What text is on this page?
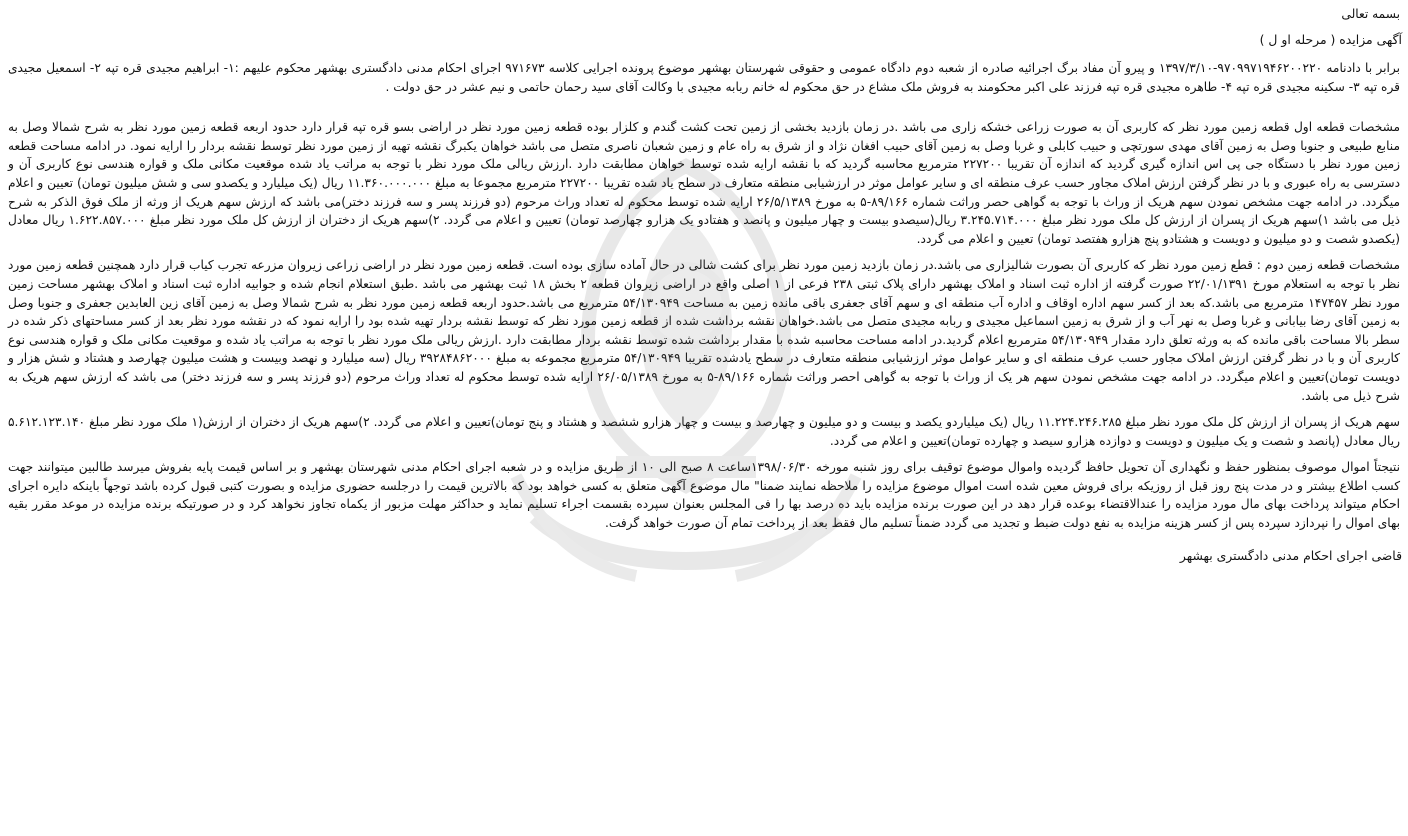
بسمه تعالی

آگهی مزایده ( مرحله او ل )

برابر با دادنامه ۹۷۰۹۹۷۱۹۴۶۲۰۰۲۲۰-۱۳۹۷/۳/۱۰ و پیرو آن مفاد برگ اجرائیه صادره از شعبه دوم دادگاه عمومی و حقوقی شهرستان بهشهر موضوع پرونده اجرایی کلاسه ۹۷۱۶۷۳ اجرای احکام مدنی دادگستری بهشهر محکوم علیهم :۱- ابراهیم مجیدی قره تپه ۲- اسمعیل مجیدی قره تپه ۳- سکینه مجیدی قره تپه ۴- طاهره مجیدی قره تپه فرزند علی اکبر محکومند به فروش ملک مشاع در حق محکوم له خانم ربابه مجیدی با وکالت آقای سید رحمان حاتمی و نیم عشر در حق دولت .

مشخصات قطعه اول قطعه زمین مورد نظر که کاربری آن به صورت زراعی خشکه زاری می باشد .در زمان بازدید بخشی از زمین تحت کشت گندم و کلزار بوده قطعه زمین مورد نظر در اراضی بسو قره تپه قرار دارد حدود اربعه قطعه زمین مورد نظر به شرح شمالا وصل به منابع طبیعی و جنوبا وصل به زمین آقای مهدی سورتچی و حبیب کابلی و غربا وصل به زمین آقای حبیب افغان نژاد و از شرق به راه عام و زمین شعبان ناصری متصل می باشد خواهان یکبرگ نقشه تهیه از زمین مورد نظر توسط نقشه بردار را ارایه نمود. در ادامه مساحت قطعه زمین مورد نظر با دستگاه جی پی اس اندازه گیری گردید که اندازه آن تقریبا ۲۲۷۲۰۰ مترمربع محاسبه گردید که با نقشه ارایه شده توسط خواهان مطابقت دارد .ارزش ریالی ملک مورد نظر با توجه به مراتب یاد شده موقعیت مکانی ملک و قواره هندسی نوع کاربری آن و دسترسی به راه عبوری و با در نظر گرفتن ارزش املاک مجاور حسب عرف منطقه ای و سایر عوامل موثر در ارزشیابی منطقه متعارف در سطح یاد شده تقریبا ۲۲۷۲۰۰ مترمربع مجموعا به مبلغ ۱۱.۳۶۰.۰۰۰.۰۰۰ ریال (یک میلیارد و یکصدو سی و شش میلیون تومان) تعیین و اعلام میگردد. در ادامه جهت مشخص نمودن سهم هریک از وراث با توجه به گواهی حصر وراثت شماره ۸۹/۱۶۶-۵ به مورخ ۲۶/۵/۱۳۸۹ ارایه شده توسط محکوم له تعداد وراث مرحوم (دو فرزند پسر و سه فرزند دختر)می باشد که ارزش سهم هریک از ورثه از ملک فوق الذکر به شرح ذیل می باشد ۱)سهم هریک از پسران از ارزش کل ملک مورد نظر مبلغ ۳.۲۴۵.۷۱۴.۰۰۰ ریال(سیصدو بیست و چهار میلیون و پانصد و هفتادو یک هزارو چهارصد تومان) تعیین و اعلام می گردد. ۲)سهم هریک از دختران از ارزش کل ملک مورد نظر مبلغ ۱.۶۲۲.۸۵۷.۰۰۰ ریال معادل (یکصدو شصت و دو میلیون و دویست و هشتادو پنج هزارو هفتصد تومان) تعیین و اعلام می گردد.

مشخصات قطعه زمین دوم : قطع زمین مورد نظر که کاربری آن بصورت شالیزاری می باشد.در زمان بازدید زمین مورد نظر برای کشت شالی در حال آماده سازی بوده است. قطعه زمین مورد نظر در اراضی زراعی زیروان مزرعه تجرب کیاب قرار دارد همچنین قطعه زمین مورد نظر با توجه به استعلام مورخ ۲۲/۰۱/۱۳۹۱ صورت گرفته از اداره ثبت اسناد و املاک بهشهر دارای پلاک ثبتی ۲۳۸ فرعی از ۱ اصلی واقع در اراضی زیروان قطعه ۲ بخش ۱۸ ثبت بهشهر می باشد .طبق استعلام انجام شده و جوابیه اداره ثبت اسناد و املاک بهشهر مساحت زمین مورد نظر ۱۴۷۴۵۷ مترمربع می باشد.که بعد از کسر سهم اداره اوقاف و اداره آب منطقه ای و سهم آقای جعفری باقی مانده زمین به مساحت ۵۴/۱۳۰۹۴۹ مترمربع می باشد.حدود اربعه قطعه زمین مورد نظر به شرح شمالا وصل به زمین آقای زین العابدین جعفری و جنوبا وصل به زمین آقای رضا بیابانی و غربا وصل به نهر آب و از شرق به زمین اسماعیل مجیدی و ربابه مجیدی متصل می باشد.خواهان نقشه برداشت شده از قطعه زمین مورد نظر که توسط نقشه بردار تهیه شده بود را ارایه نمود که در نقشه مورد نظر بعد از کسر مساحتهای ذکر شده در سطر بالا مساحت باقی مانده که به ورثه تعلق دارد مقدار ۵۴/۱۳۰۹۴۹ مترمربع اعلام گردید.در ادامه مساحت محاسبه شده با مقدار برداشت شده توسط نقشه بردار مطابقت دارد .ارزش ریالی ملک مورد نظر با توجه به مراتب یاد شده و موقعیت مکانی ملک و قواره هندسی نوع کاربری آن و با در نظر گرفتن ارزش املاک مجاور حسب عرف منطقه ای و سایر عوامل موثر ارزشیابی منطقه متعارف در سطح یادشده تقریبا ۵۴/۱۳۰۹۴۹ مترمربع مجموعه به مبلغ ۳۹۲۸۴۸۶۲۰۰۰ ریال (سه میلیارد و نهصد وبیست و هشت میلیون چهارصد و هشتاد و شش هزار و دویست تومان)تعیین و اعلام میگردد. در ادامه جهت مشخص نمودن سهم هر یک از وراث با توجه به گواهی احصر وراثت شماره ۸۹/۱۶۶-۵ به مورخ ۲۶/۰۵/۱۳۸۹ ارایه شده توسط محکوم له تعداد وراث مرحوم (دو فرزند پسر و سه فرزند دختر) می باشد که ارزش سهم هریک به شرح ذیل می باشد.

سهم هریک از پسران از ارزش کل ملک مورد نظر مبلغ ۱۱.۲۲۴.۲۴۶.۲۸۵ ریال (یک میلیاردو یکصد و بیست و دو میلیون و چهارصد و بیست و چهار هزارو ششصد و هشتاد و پنج تومان)تعیین و اعلام می گردد. ۲)سهم هریک از دختران از ارزش(۱ ملک مورد نظر مبلغ ۵.۶۱۲.۱۲۳.۱۴۰ ریال معادل (پانصد و شصت و یک میلیون و دویست و دوازده هزارو سیصد و چهارده تومان)تعیین و اعلام می گردد.

نتیجتاً اموال موصوف بمنظور حفظ و نگهداری آن تحویل حافظ گردیده واموال موضوع توقیف برای روز شنبه مورخه ۱۳۹۸/۰۶/۳۰ساعت ۸ صبح الی ۱۰ از طریق مزایده و در شعبه اجرای احکام مدنی شهرستان بهشهر و بر اساس قیمت پایه بفروش میرسد طالبین میتوانند جهت کسب اطلاع بیشتر و در مدت پنج روز قبل از روزیکه برای فروش معین شده است اموال موضوع مزایده را ملاحظه نمایند ضمنا" مال موضوع آگهی متعلق به کسی خواهد بود که بالاترین قیمت را درجلسه حضوری مزایده و بصورت کتبی قبول کرده باشد توجهاً باینکه دایره اجرای احکام میتواند پرداخت بهای مال مورد مزایده را عندالاقتضاء بوعده قرار دهد در این صورت برنده مزایده باید ده درصد بها را فی المجلس بعنوان سپرده بقسمت اجراء تسلیم نماید و حداکثر مهلت مزبور از یکماه تجاوز نخواهد کرد و در صورتیکه برنده مزایده در موعد مقرر بقیه بهای اموال را نپردازد سپرده پس از کسر هزینه مزایده به نفع دولت ضبط و تجدید می گردد ضمناً تسلیم مال فقط بعد از پرداخت تمام آن صورت خواهد گرفت.

قاضی اجرای احکام مدنی دادگستری بهشهر
